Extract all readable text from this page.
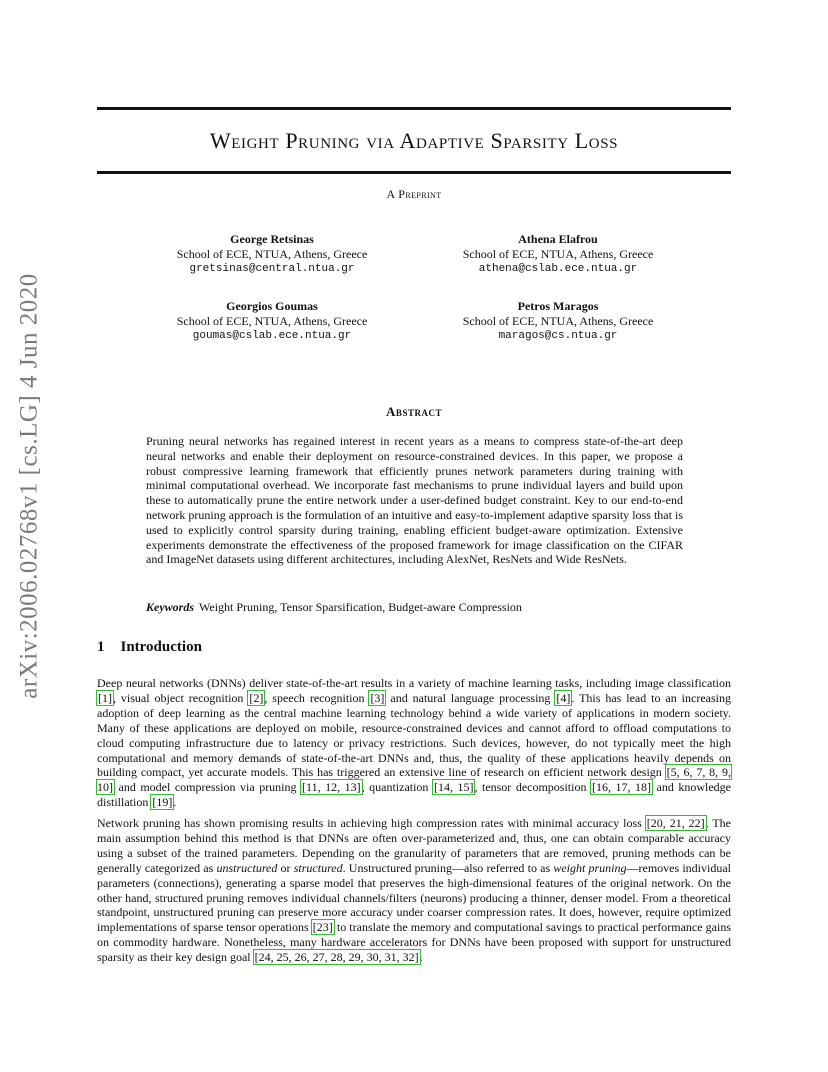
arXiv:2006.02768v1 [cs.LG] 4 Jun 2020
Weight Pruning via Adaptive Sparsity Loss
A Preprint
George Retsinas
School of ECE, NTUA, Athens, Greece
gretsinas@central.ntua.gr
Athena Elafrou
School of ECE, NTUA, Athens, Greece
athena@cslab.ece.ntua.gr
Georgios Goumas
School of ECE, NTUA, Athens, Greece
goumas@cslab.ece.ntua.gr
Petros Maragos
School of ECE, NTUA, Athens, Greece
maragos@cs.ntua.gr
Abstract

Pruning neural networks has regained interest in recent years as a means to compress state-of-the-art deep neural networks and enable their deployment on resource-constrained devices. In this paper, we propose a robust compressive learning framework that efficiently prunes network parameters during training with minimal computational overhead. We incorporate fast mechanisms to prune individual layers and build upon these to automatically prune the entire network under a user-defined budget constraint. Key to our end-to-end network pruning approach is the formulation of an intuitive and easy-to-implement adaptive sparsity loss that is used to explicitly control sparsity during training, enabling efficient budget-aware optimization. Extensive experiments demonstrate the effectiveness of the proposed framework for image classification on the CIFAR and ImageNet datasets using different architectures, including AlexNet, ResNets and Wide ResNets.

Keywords Weight Pruning, Tensor Sparsification, Budget-aware Compression
1 Introduction

Deep neural networks (DNNs) deliver state-of-the-art results in a variety of machine learning tasks, including image classification [1], visual object recognition [2], speech recognition [3] and natural language processing [4]. This has lead to an increasing adoption of deep learning as the central machine learning technology behind a wide variety of applications in modern society. Many of these applications are deployed on mobile, resource-constrained devices and cannot afford to offload computations to cloud computing infrastructure due to latency or privacy restrictions. Such devices, however, do not typically meet the high computational and memory demands of state-of-the-art DNNs and, thus, the quality of these applications heavily depends on building compact, yet accurate models. This has triggered an extensive line of research on efficient network design [5, 6, 7, 8, 9, 10] and model compression via pruning [11, 12, 13], quantization [14, 15], tensor decomposition [16, 17, 18] and knowledge distillation [19].

Network pruning has shown promising results in achieving high compression rates with minimal accuracy loss [20, 21, 22]. The main assumption behind this method is that DNNs are often over-parameterized and, thus, one can obtain comparable accuracy using a subset of the trained parameters. Depending on the granularity of parameters that are removed, pruning methods can be generally categorized as unstructured or structured. Unstructured pruning—also referred to as weight pruning—removes individual parameters (connections), generating a sparse model that preserves the high-dimensional features of the original network. On the other hand, structured pruning removes individual channels/filters (neurons) producing a thinner, denser model. From a theoretical standpoint, unstructured pruning can preserve more accuracy under coarser compression rates. It does, however, require optimized implementations of sparse tensor operations [23] to translate the memory and computational savings to practical performance gains on commodity hardware. Nonetheless, many hardware accelerators for DNNs have been proposed with support for unstructured sparsity as their key design goal [24, 25, 26, 27, 28, 29, 30, 31, 32].
